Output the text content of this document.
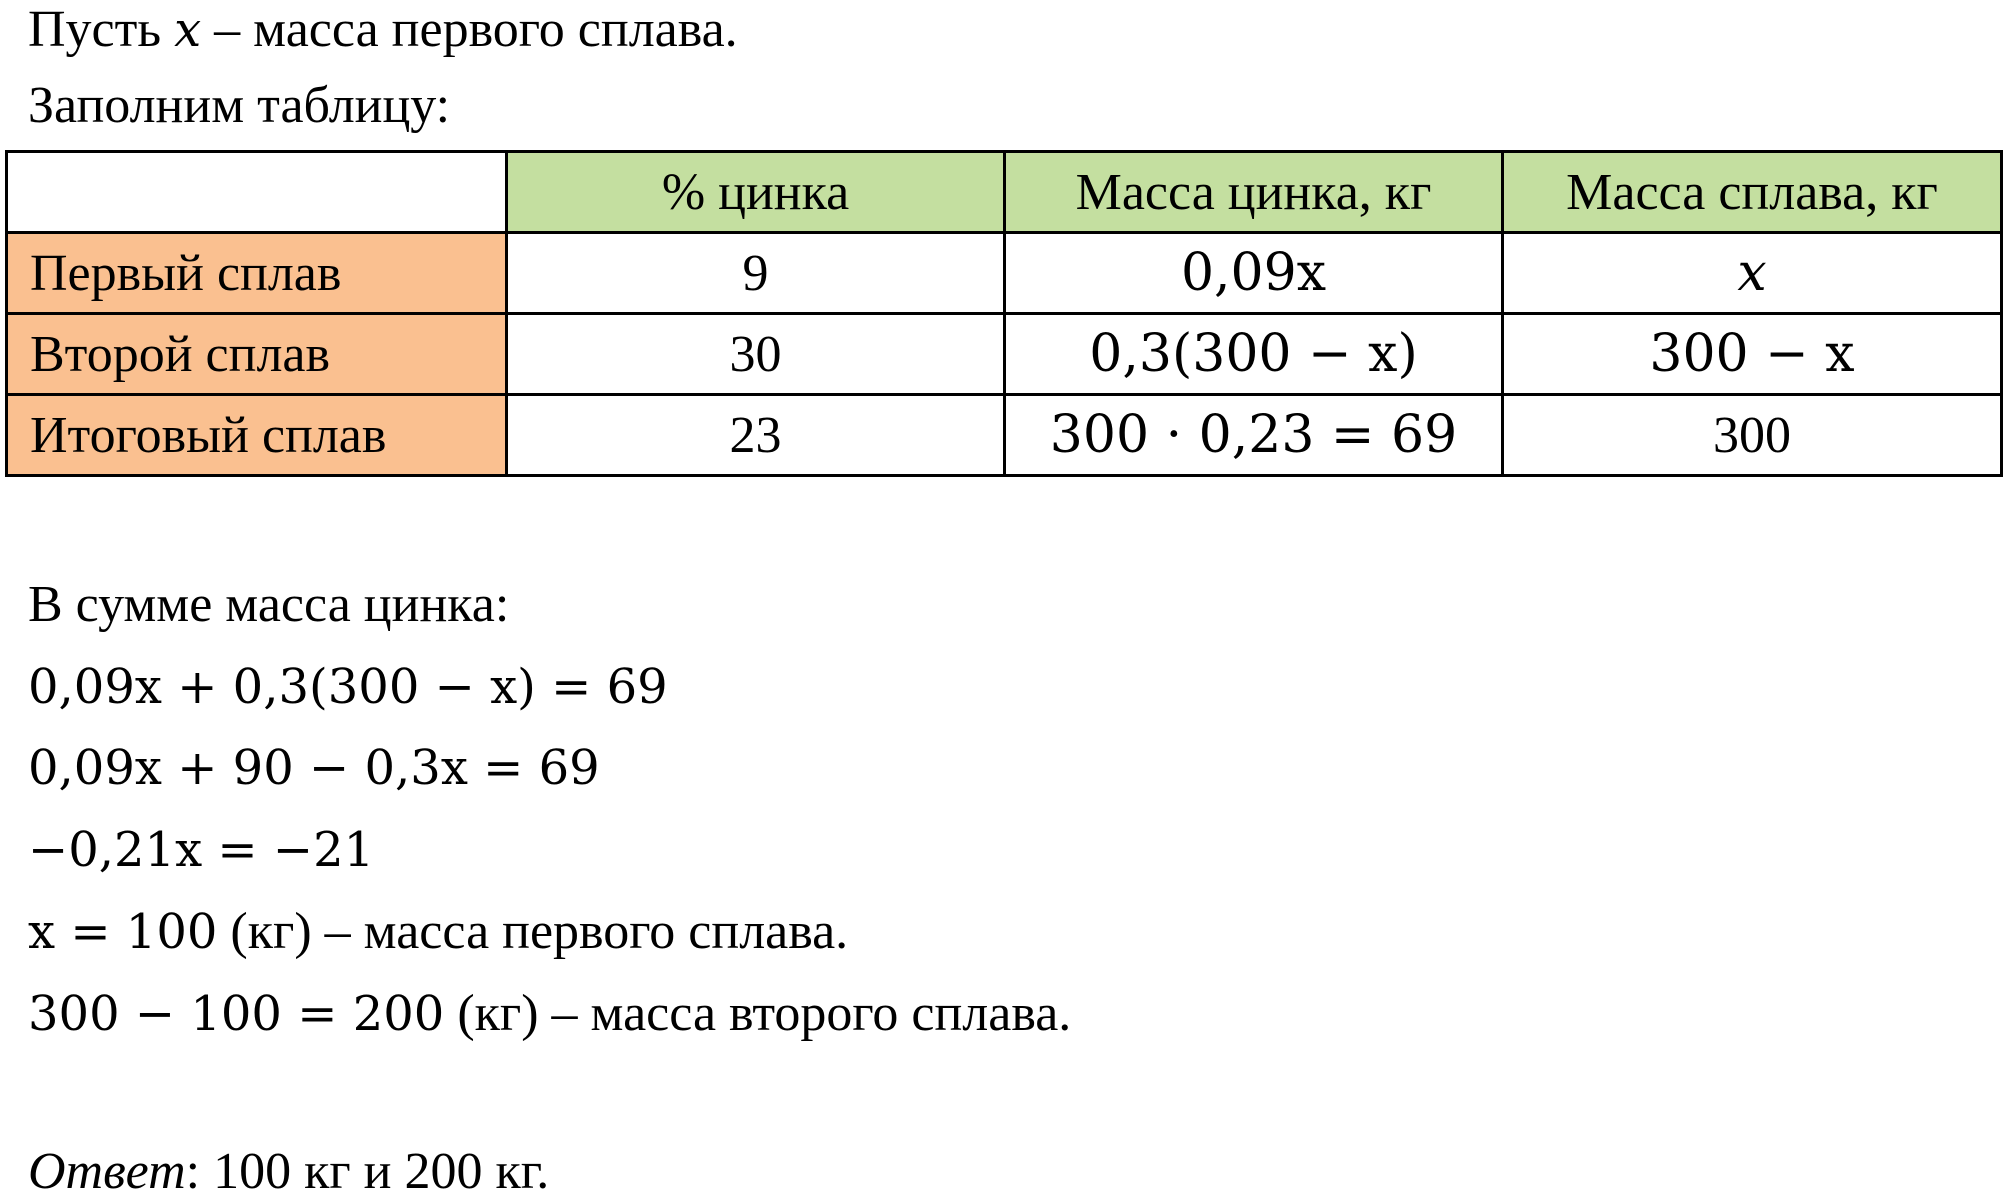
Пусть x – масса первого сплава.
Заполним таблицу:
	% цинка	Масса цинка, кг	Масса сплава, кг
Первый сплав	9	0,09x	x
Второй сплав	30	0,3(300 − x)	300 − x
Итоговый сплав	23	300 · 0,23 = 69	300
В сумме масса цинка:
0,09x + 0,3(300 − x) = 69
0,09x + 90 − 0,3x = 69
−0,21x = −21
x = 100 (кг) – масса первого сплава.
300 − 100 = 200 (кг) – масса второго сплава.
Ответ: 100 кг и 200 кг.
